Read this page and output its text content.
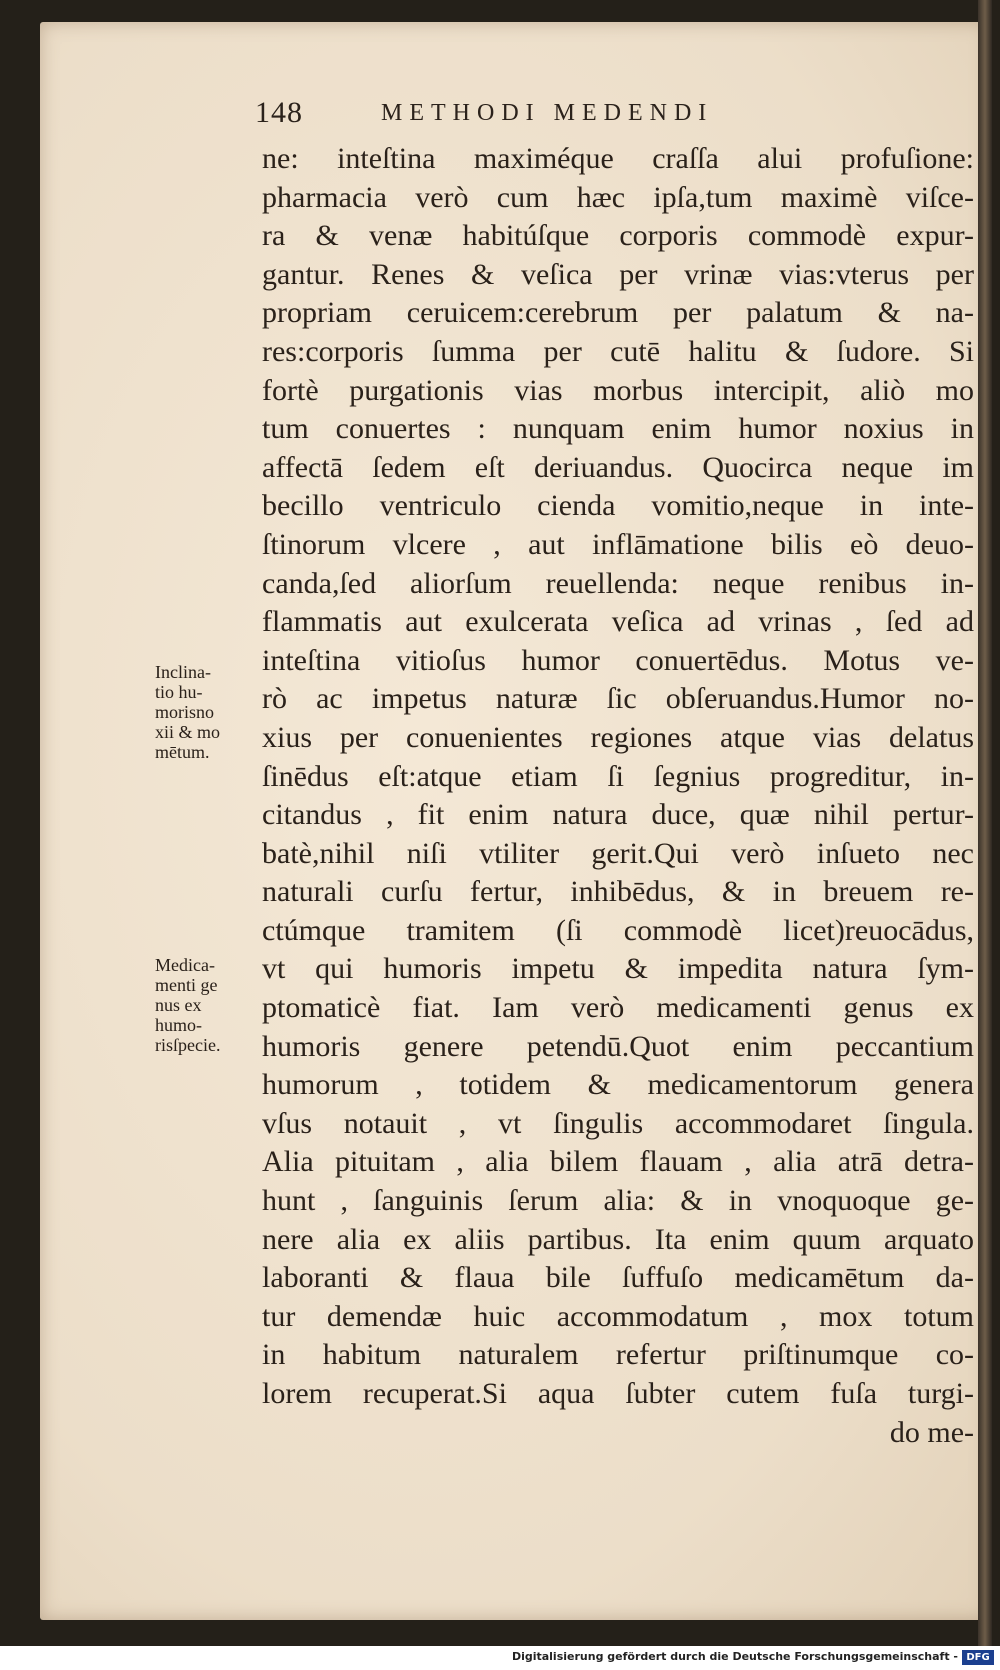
148	METHODI MEDENDI
ne: inteſtina maximéque craſſa alui profuſione:
pharmacia verò cum hæc ipſa,tum maximè viſce-
ra & venæ habitúſque corporis commodè expur-
gantur. Renes & veſica per vrinæ vias:vterus per
propriam ceruicem:cerebrum per palatum & na-
res:corporis ſumma per cutē halitu & ſudore. Si
fortè purgationis vias morbus intercipit, aliò mo
tum conuertes : nunquam enim humor noxius in
affectā ſedem eſt deriuandus. Quocirca neque im
becillo ventriculo cienda vomitio,neque in inte-
ſtinorum vlcere , aut inflāmatione bilis eò deuo-
canda,ſed aliorſum reuellenda: neque renibus in-
flammatis aut exulcerata veſica ad vrinas , ſed ad
inteſtina vitioſus humor conuertēdus. Motus ve-
rò ac impetus naturæ ſic obſeruandus.Humor no-
xius per conuenientes regiones atque vias delatus
ſinēdus eſt:atque etiam ſi ſegnius progreditur, in-
citandus , fit enim natura duce, quæ nihil pertur-
batè,nihil niſi vtiliter gerit.Qui verò inſueto nec
naturali curſu fertur, inhibēdus, & in breuem re-
ctúmque tramitem (ſi commodè licet)reuocādus,
vt qui humoris impetu & impedita natura ſym-
ptomaticè fiat. Iam verò medicamenti genus ex
humoris genere petendū.Quot enim peccantium
humorum , totidem & medicamentorum genera
vſus notauit , vt ſingulis accommodaret ſingula.
Alia pituitam , alia bilem flauam , alia atrā detra-
hunt , ſanguinis ſerum alia: & in vnoquoque ge-
nere alia ex aliis partibus. Ita enim quum arquato
laboranti & flaua bile ſuffuſo medicamētum da-
tur demendæ huic accommodatum , mox totum
in habitum naturalem refertur priſtinumque co-
lorem recuperat.Si aqua ſubter cutem fuſa turgi-
do me-
Inclina-
tio hu-
morisno
xii & mo
mētum.
Medica-
menti ge
nus ex
humo-
risſpecie.
Digitalisierung gefördert durch die Deutsche Forschungsgemeinschaft - DFG
